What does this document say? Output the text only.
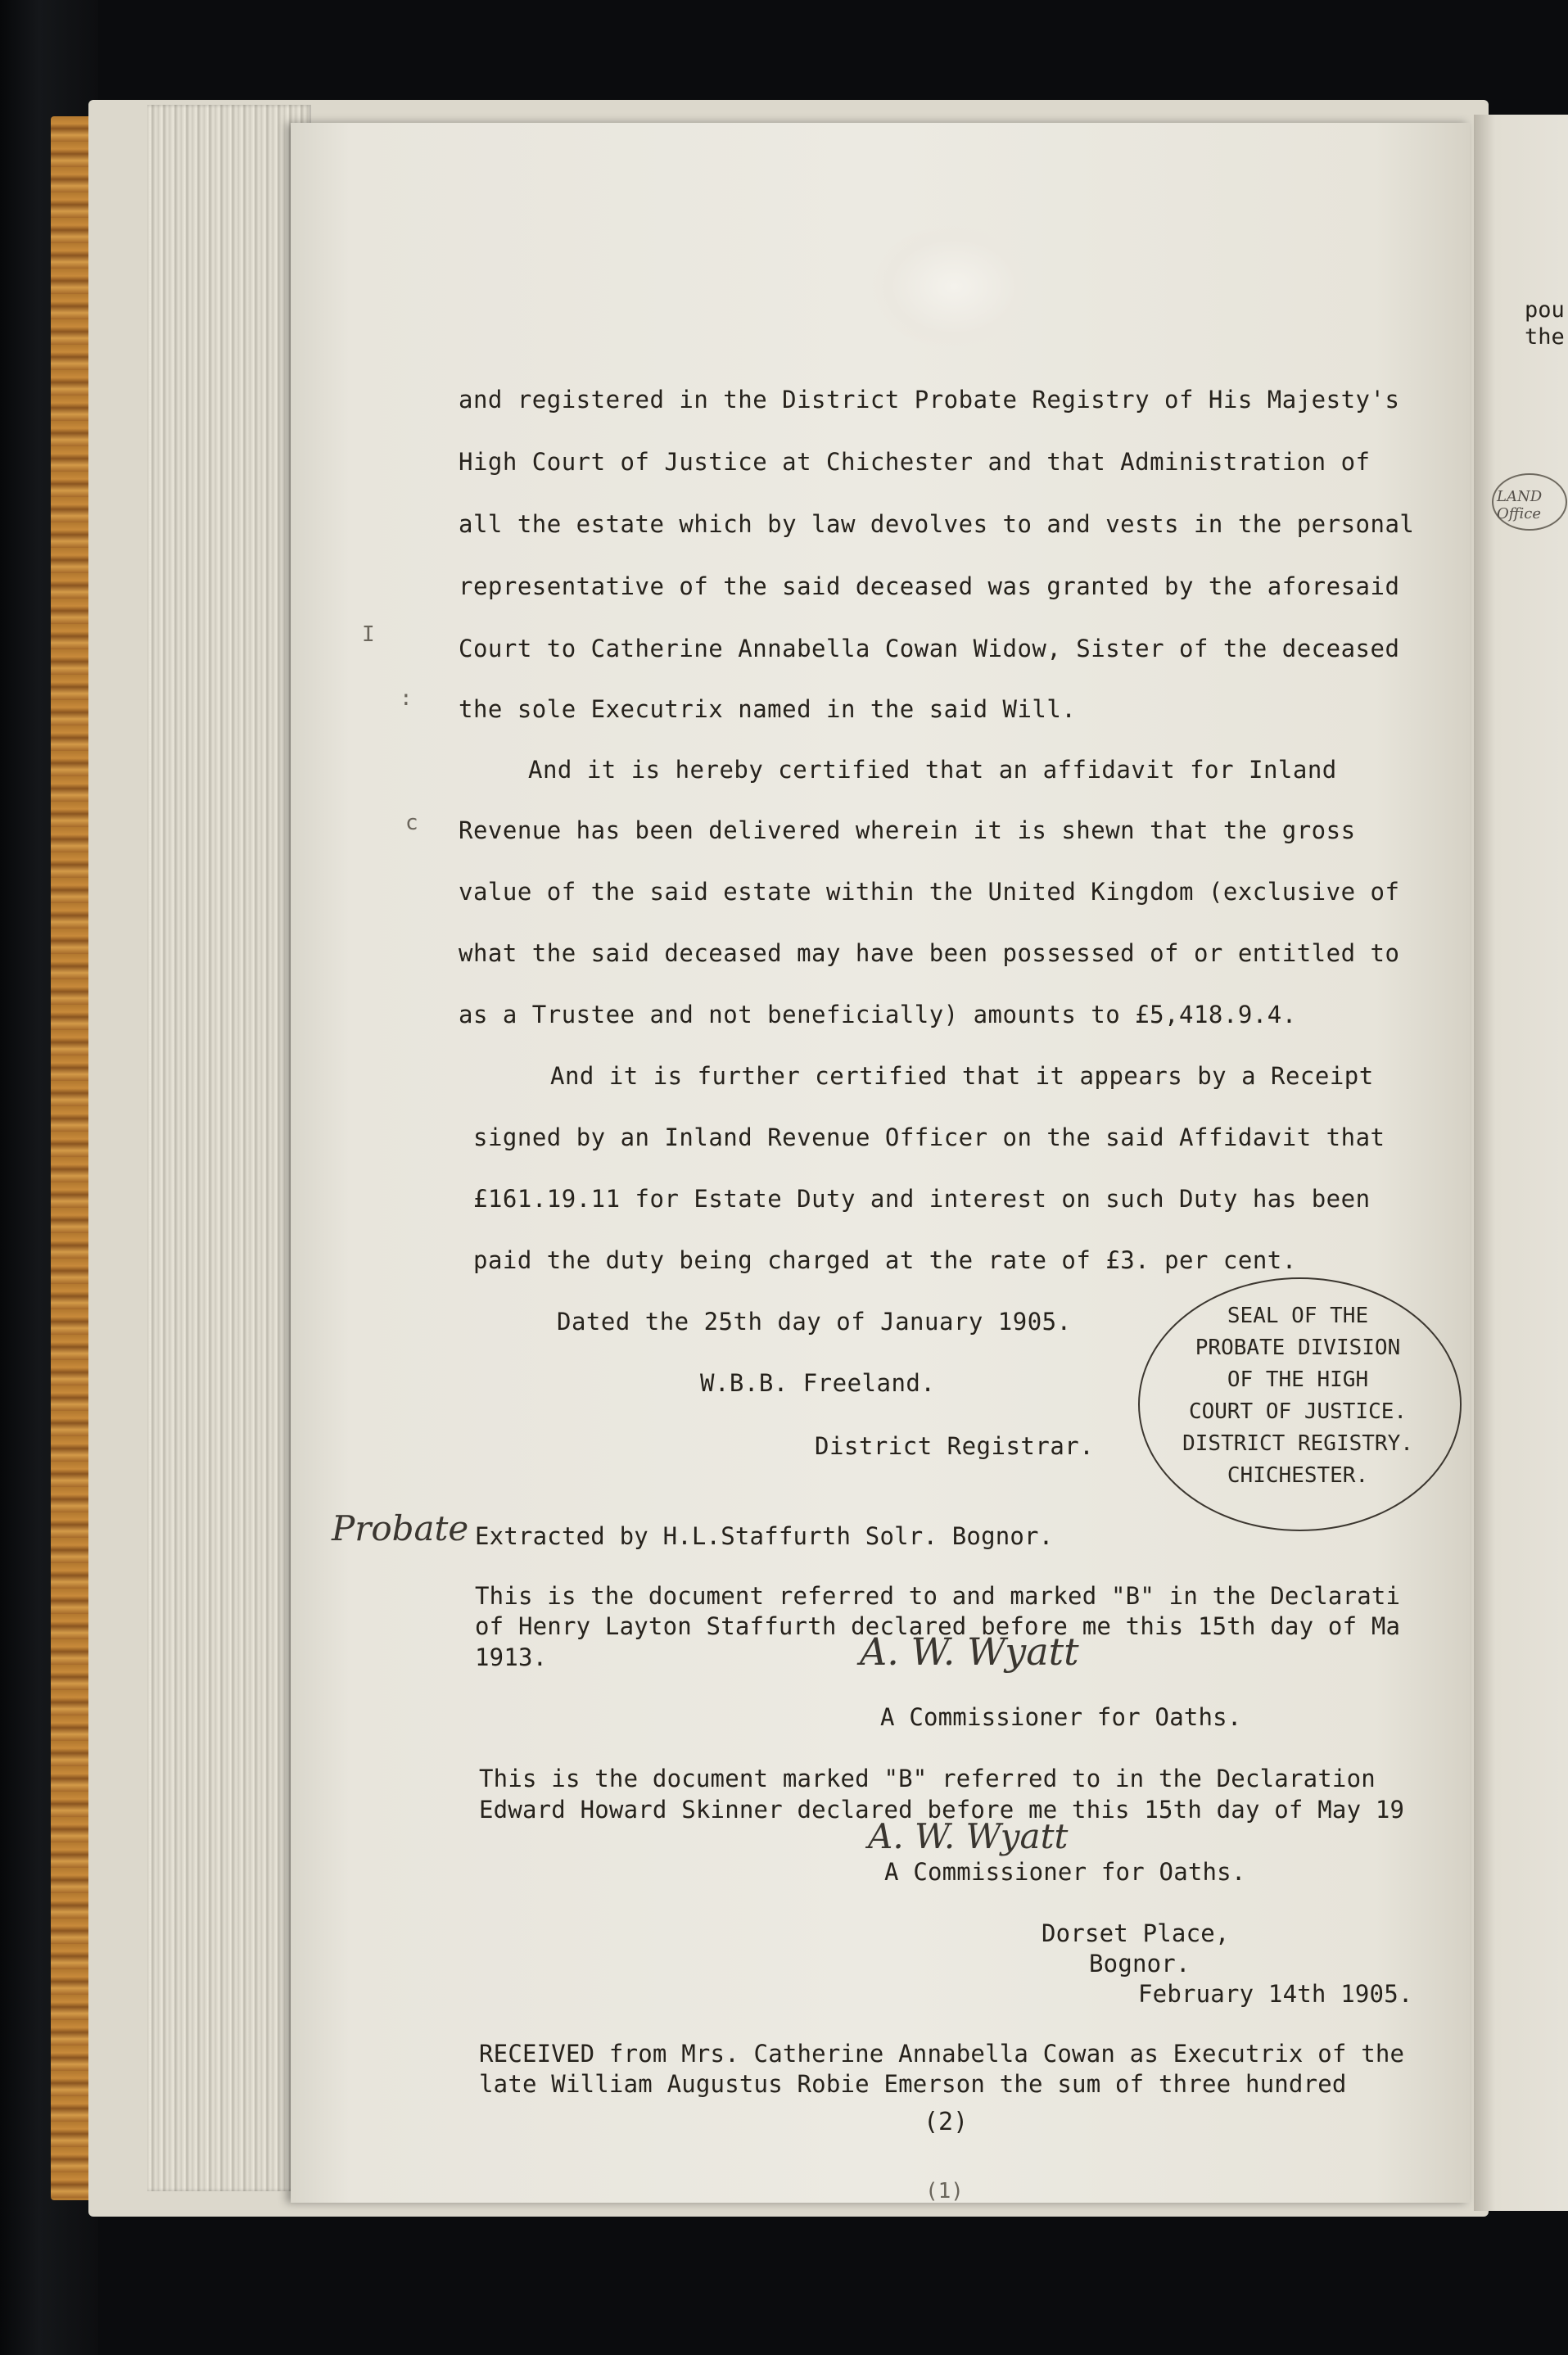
and registered in the District Probate Registry of His Majesty's
High Court of Justice at Chichester and that Administration of
all the estate which by law devolves to and vests in the personal
representative of the said deceased was granted by the aforesaid
Court to Catherine Annabella Cowan Widow, Sister of the deceased
the sole Executrix named in the said Will.
And it is hereby certified that an affidavit for Inland
Revenue has been delivered wherein it is shewn that the gross
value of the said estate within the United Kingdom (exclusive of
what the said deceased may have been possessed of or entitled to
as a Trustee and not beneficially) amounts to £5,418.9.4.
And it is further certified that it appears by a Receipt
signed by an Inland Revenue Officer on the said Affidavit that
£161.19.11 for Estate Duty and interest on such Duty has been
paid the duty being charged at the rate of £3. per cent.
Dated the 25th day of January 1905.
W.B.B. Freeland.
District Registrar.
SEAL OF THE
PROBATE DIVISION
OF THE HIGH
COURT OF JUSTICE.
DISTRICT REGISTRY.
CHICHESTER.
Probate Extracted by H.L.Staffurth Solr. Bognor.
This is the document referred to and marked "B" in the Declarati
of Henry Layton Staffurth declared before me this 15th day of Ma
1913.	A. W. Wyatt
A Commissioner for Oaths.
This is the document marked "B" referred to in the Declaration
Edward Howard Skinner declared before me this 15th day of May 19
A. W. Wyatt
A Commissioner for Oaths.
Dorset Place,
Bognor.
February 14th 1905.
RECEIVED from Mrs. Catherine Annabella Cowan as Executrix of the
late William Augustus Robie Emerson the sum of three hundred
(2)
(1)
pou
the
LAND Office
I
:
c
